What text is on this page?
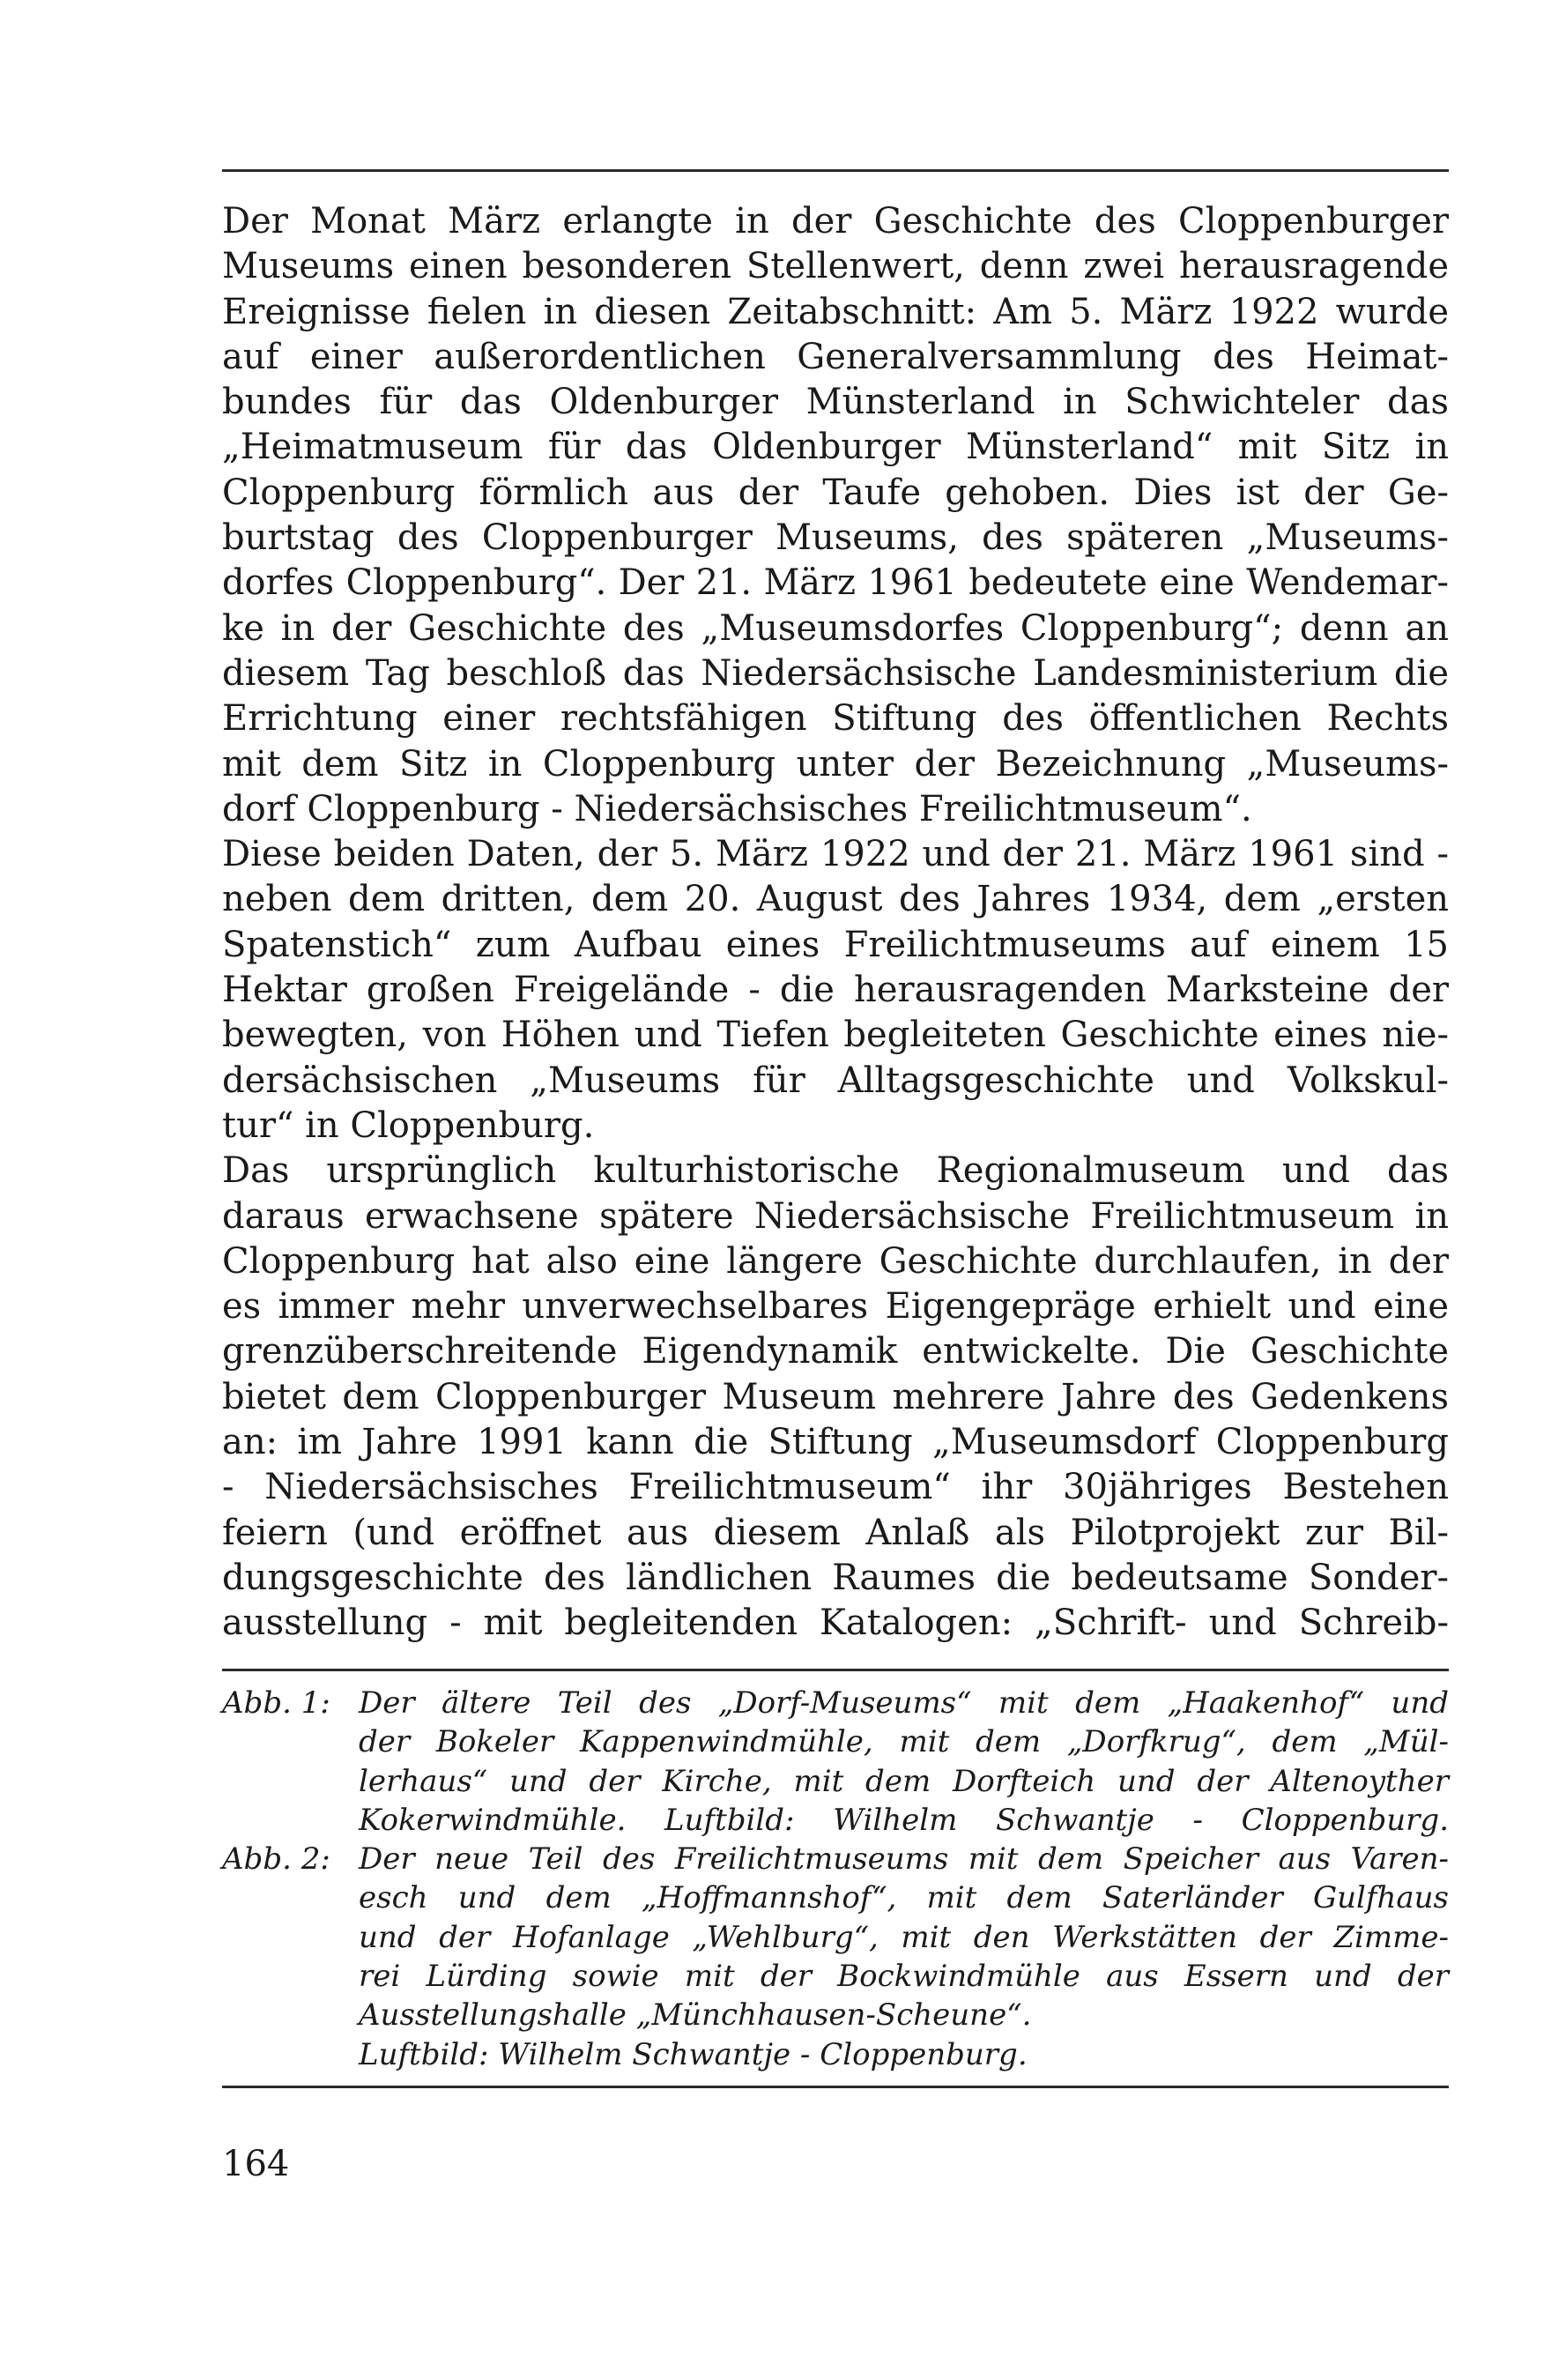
Der Monat März erlangte in der Geschichte des Cloppenburger
Museums einen besonderen Stellenwert, denn zwei herausragende
Ereignisse fielen in diesen Zeitabschnitt: Am 5. März 1922 wurde
auf einer außerordentlichen Generalversammlung des Heimat-
bundes für das Oldenburger Münsterland in Schwichteler das
„Heimatmuseum für das Oldenburger Münsterland“ mit Sitz in
Cloppenburg förmlich aus der Taufe gehoben. Dies ist der Ge-
burtstag des Cloppenburger Museums, des späteren „Museums-
dorfes Cloppenburg“. Der 21. März 1961 bedeutete eine Wendemar-
ke in der Geschichte des „Museumsdorfes Cloppenburg“; denn an
diesem Tag beschloß das Niedersächsische Landesministerium die
Errichtung einer rechtsfähigen Stiftung des öffentlichen Rechts
mit dem Sitz in Cloppenburg unter der Bezeichnung „Museums-
dorf Cloppenburg - Niedersächsisches Freilichtmuseum“.
Diese beiden Daten, der 5. März 1922 und der 21. März 1961 sind -
neben dem dritten, dem 20. August des Jahres 1934, dem „ersten
Spatenstich“ zum Aufbau eines Freilichtmuseums auf einem 15
Hektar großen Freigelände - die herausragenden Marksteine der
bewegten, von Höhen und Tiefen begleiteten Geschichte eines nie-
dersächsischen „Museums für Alltagsgeschichte und Volkskul-
tur“ in Cloppenburg.
Das ursprünglich kulturhistorische Regionalmuseum und das
daraus erwachsene spätere Niedersächsische Freilichtmuseum in
Cloppenburg hat also eine längere Geschichte durchlaufen, in der
es immer mehr unverwechselbares Eigengepräge erhielt und eine
grenzüberschreitende Eigendynamik entwickelte. Die Geschichte
bietet dem Cloppenburger Museum mehrere Jahre des Gedenkens
an: im Jahre 1991 kann die Stiftung „Museumsdorf Cloppenburg
- Niedersächsisches Freilichtmuseum“ ihr 30jähriges Bestehen
feiern (und eröffnet aus diesem Anlaß als Pilotprojekt zur Bil-
dungsgeschichte des ländlichen Raumes die bedeutsame Sonder-
ausstellung - mit begleitenden Katalogen: „Schrift- und Schreib-
Abb. 1: Der ältere Teil des „Dorf-Museums“ mit dem „Haakenhof“ und
der Bokeler Kappenwindmühle, mit dem „Dorfkrug“, dem „Mül-
lerhaus“ und der Kirche, mit dem Dorfteich und der Altenoyther
Kokerwindmühle. Luftbild: Wilhelm Schwantje - Cloppenburg.
Abb. 2: Der neue Teil des Freilichtmuseums mit dem Speicher aus Varen-
esch und dem „Hoffmannshof“, mit dem Saterländer Gulfhaus
und der Hofanlage „Wehlburg“, mit den Werkstätten der Zimme-
rei Lürding sowie mit der Bockwindmühle aus Essern und der
Ausstellungshalle „Münchhausen-Scheune“.
Luftbild: Wilhelm Schwantje - Cloppenburg.
164
